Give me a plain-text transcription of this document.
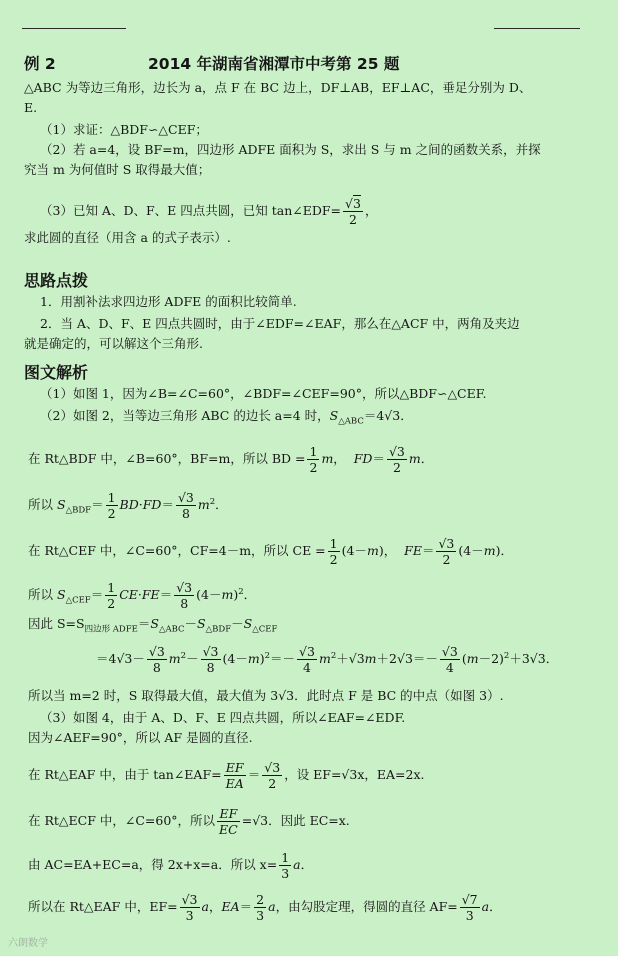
例 2	2014 年湖南省湘潭市中考第 25 题
△ABC 为等边三角形，边长为 a，点 F 在 BC 边上，DF⊥AB，EF⊥AC，垂足分别为 D、
E.
（1）求证：△BDF∽△CEF；
（2）若 a=4，设 BF=m，四边形 ADFE 面积为 S，求出 S 与 m 之间的函数关系，并探
究当 m 为何值时 S 取得最大值；
（3）已知 A、D、F、E 四点共圆，已知 tan∠EDF= $\frac{√3}{2}$ ，
求此圆的直径（用含 a 的式子表示）.
思路点拨
1．用割补法求四边形 ADFE 的面积比较简单.
2．当 A、D、F、E 四点共圆时，由于∠EDF=∠EAF，那么在△ACF 中，两角及夹边
就是确定的，可以解这个三角形.
图文解析
（1）如图 1，因为∠B=∠C=60°，∠BDF=∠CEF=90°，所以△BDF∽△CEF.
（2）如图 2，当等边三角形 ABC 的边长 a=4 时，$S_{\triangle ABC}=4√3$．
在 Rt△BDF 中，∠B=60°，BF=m，所以 BD = $\frac{1}{2}$ m，  $FD= \frac{√3}{2}$ m．
所以 $S_{\triangle BDF}= \frac{1}{2} BD\cdot FD= \frac{√3}{8} m^2$．
在 Rt△CEF 中，∠C=60°，CF=4－m，所以 CE = $\frac{1}{2} (4-m)$，  $FE= \frac{√3}{2} (4-m)$．
所以 $S_{\triangle CEF}= \frac{1}{2} CE\cdot FE= \frac{√3}{8} (4-m)^2$．
因此 $S=S_{四边形 ADFE}=S_{\triangle ABC}-S_{\triangle BDF}-S_{\triangle CEF}$
$=4√3- \frac{√3}{8} m^2- \frac{√3}{8} (4-m)^2=- \frac{√3}{4} m^2+√3m+2√3=- \frac{√3}{4} (m-2)^2+3√3$．
所以当 m=2 时，S 取得最大值，最大值为 3√3．此时点 F 是 BC 的中点（如图 3）.
（3）如图 4，由于 A、D、F、E 四点共圆，所以∠EAF=∠EDF.
因为∠AEF=90°，所以 AF 是圆的直径.
在 Rt△EAF 中，由于 tan∠EAF= $\frac{EF}{EA} = \frac{√3}{2}$ ，设 EF=√3x，EA=2x.
在 Rt△ECF 中，∠C=60°，所以 $\frac{EF}{EC} =√3$．因此 EC=x.
由 AC=EA+EC=a，得 2x+x=a．所以 $x= \frac{1}{3}$ a．
所以在 Rt△EAF 中，$EF= \frac{√3}{3}$ a，$EA= \frac{2}{3}$ a，由勾股定理，得圆的直径 $AF= \frac{√7}{3}$ a．
六朗数学
